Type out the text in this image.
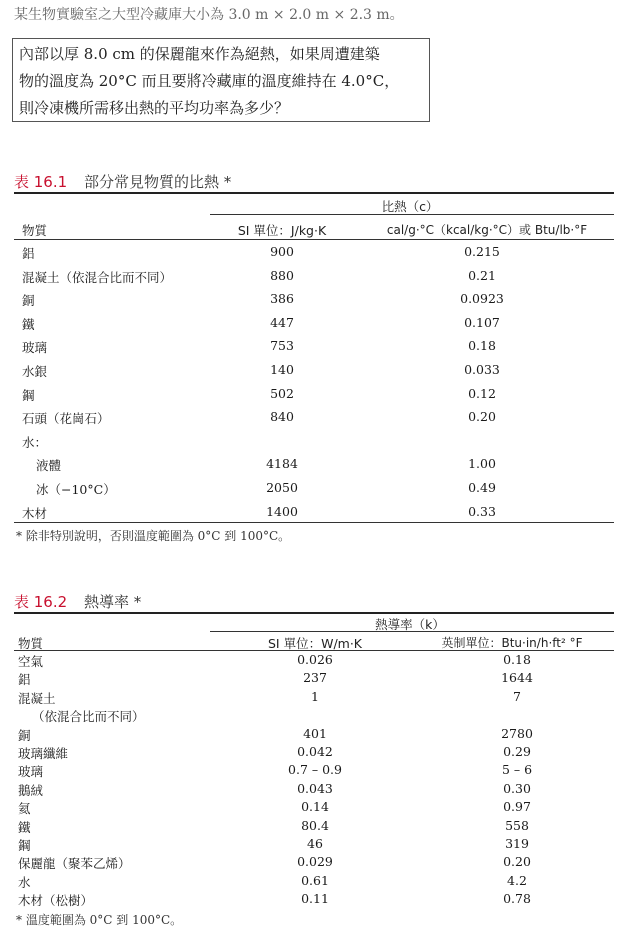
某生物實驗室之大型冷藏庫大小為 3.0 m × 2.0 m × 2.3 m。
內部以厚 8.0 cm 的保麗龍來作為絕熱，如果周遭建築
物的溫度為 20°C 而且要將冷藏庫的溫度維持在 4.0°C，
則冷凍機所需移出熱的平均功率為多少？
表 16.1 部分常見物質的比熱 *
比熱（c）
物質	SI 單位：J/kg·K	cal/g·°C（kcal/kg·°C）或 Btu/lb·°F
鋁	900	0.215
混凝土（依混合比而不同）	880	0.21
銅	386	0.0923
鐵	447	0.107
玻璃	753	0.18
水銀	140	0.033
鋼	502	0.12
石頭（花崗石）	840	0.20
水：
液體	4184	1.00
冰（−10°C）	2050	0.49
木材	1400	0.33
* 除非特別說明，否則溫度範圍為 0°C 到 100°C。
表 16.2 熱導率 *
熱導率（k）
物質	SI 單位：W/m·K	英制單位：Btu·in/h·ft² °F
空氣	0.026	0.18
鋁	237	1644
混凝土	1	7
（依混合比而不同）
銅	401	2780
玻璃纖維	0.042	0.29
玻璃	0.7 – 0.9	5 – 6
鵝絨	0.043	0.30
氦	0.14	0.97
鐵	80.4	558
鋼	46	319
保麗龍（聚苯乙烯）	0.029	0.20
水	0.61	4.2
木材（松樹）	0.11	0.78
* 溫度範圍為 0°C 到 100°C。
